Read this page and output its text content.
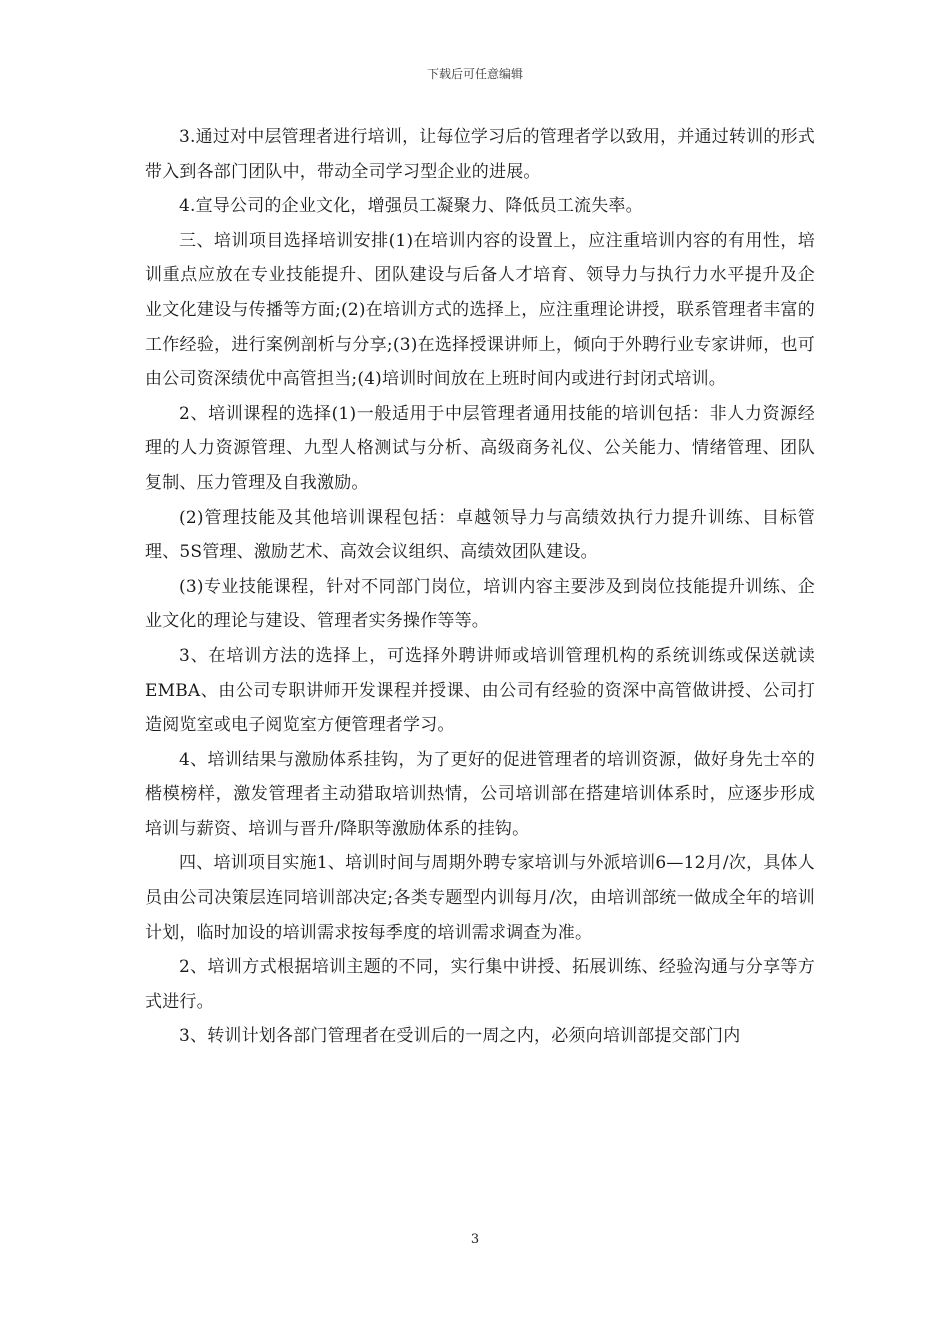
下载后可任意编辑

3.通过对中层管理者进行培训，让每位学习后的管理者学以致用，并通过转训的形式带入到各部门团队中，带动全司学习型企业的进展。

4.宣导公司的企业文化，增强员工凝聚力、降低员工流失率。

三、培训项目选择培训安排(1)在培训内容的设置上，应注重培训内容的有用性，培训重点应放在专业技能提升、团队建设与后备人才培育、领导力与执行力水平提升及企业文化建设与传播等方面;(2)在培训方式的选择上，应注重理论讲授，联系管理者丰富的工作经验，进行案例剖析与分享;(3)在选择授课讲师上，倾向于外聘行业专家讲师，也可由公司资深绩优中高管担当;(4)培训时间放在上班时间内或进行封闭式培训。

2、培训课程的选择(1)一般适用于中层管理者通用技能的培训包括：非人力资源经理的人力资源管理、九型人格测试与分析、高级商务礼仪、公关能力、情绪管理、团队复制、压力管理及自我激励。

(2)管理技能及其他培训课程包括：卓越领导力与高绩效执行力提升训练、目标管理、5S管理、激励艺术、高效会议组织、高绩效团队建设。

(3)专业技能课程，针对不同部门岗位，培训内容主要涉及到岗位技能提升训练、企业文化的理论与建设、管理者实务操作等等。

3、在培训方法的选择上，可选择外聘讲师或培训管理机构的系统训练或保送就读EMBA、由公司专职讲师开发课程并授课、由公司有经验的资深中高管做讲授、公司打造阅览室或电子阅览室方便管理者学习。

4、培训结果与激励体系挂钩，为了更好的促进管理者的培训资源，做好身先士卒的楷模榜样，激发管理者主动猎取培训热情，公司培训部在搭建培训体系时，应逐步形成培训与薪资、培训与晋升/降职等激励体系的挂钩。

四、培训项目实施1、培训时间与周期外聘专家培训与外派培训6—12月/次，具体人员由公司决策层连同培训部决定;各类专题型内训每月/次，由培训部统一做成全年的培训计划，临时加设的培训需求按每季度的培训需求调查为准。

2、培训方式根据培训主题的不同，实行集中讲授、拓展训练、经验沟通与分享等方式进行。

3、转训计划各部门管理者在受训后的一周之内，必须向培训部提交部门内

3
